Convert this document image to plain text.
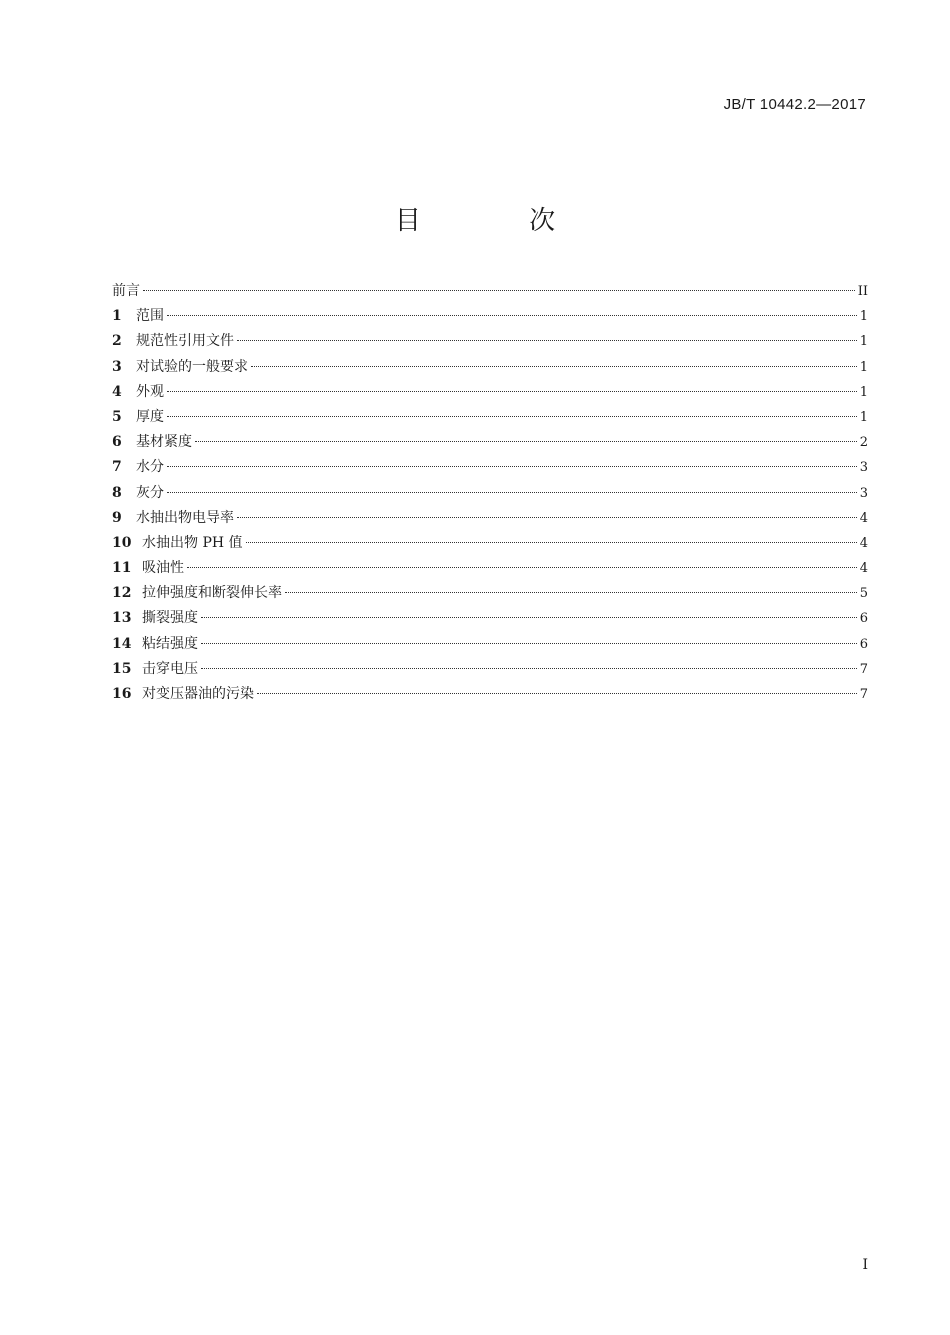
JB/T 10442.2—2017
目 次
前言	II
1	范围	1
2	规范性引用文件	1
3	对试验的一般要求	1
4	外观	1
5	厚度	1
6	基材紧度	2
7	水分	3
8	灰分	3
9	水抽出物电导率	4
10 水抽出物 PH 值	4
11 吸油性	4
12 拉伸强度和断裂伸长率	5
13 撕裂强度	6
14 粘结强度	6
15 击穿电压	7
16 对变压器油的污染	7
I
